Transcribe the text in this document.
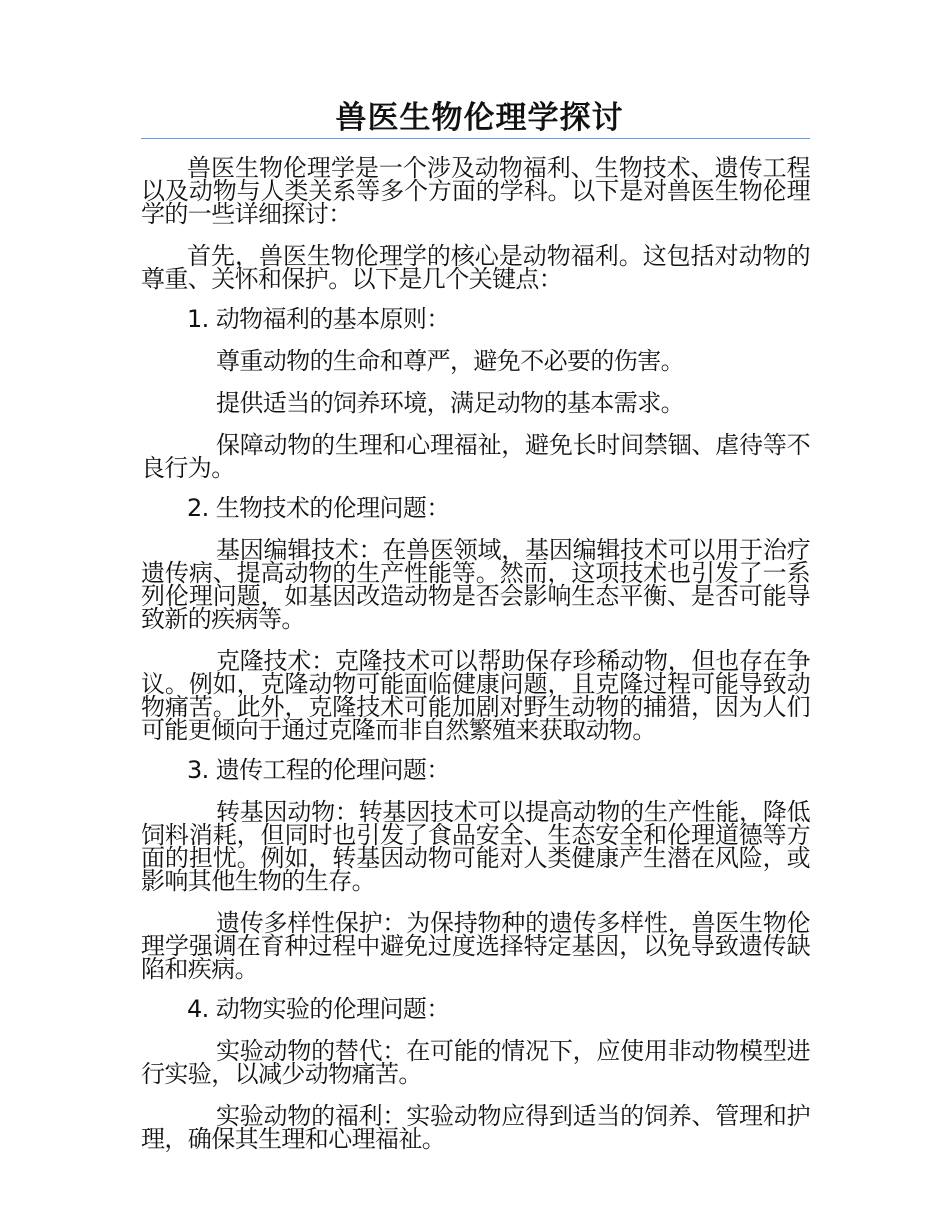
兽医生物伦理学探讨

兽医生物伦理学是一个涉及动物福利、生物技术、遗传工程以及动物与人类关系等多个方面的学科。以下是对兽医生物伦理学的一些详细探讨：

首先，兽医生物伦理学的核心是动物福利。这包括对动物的尊重、关怀和保护。以下是几个关键点：

1. 动物福利的基本原则：

尊重动物的生命和尊严，避免不必要的伤害。

提供适当的饲养环境，满足动物的基本需求。

保障动物的生理和心理福祉，避免长时间禁锢、虐待等不良行为。

2. 生物技术的伦理问题：

基因编辑技术：在兽医领域，基因编辑技术可以用于治疗遗传病、提高动物的生产性能等。然而，这项技术也引发了一系列伦理问题，如基因改造动物是否会影响生态平衡、是否可能导致新的疾病等。

克隆技术：克隆技术可以帮助保存珍稀动物，但也存在争议。例如，克隆动物可能面临健康问题，且克隆过程可能导致动物痛苦。此外，克隆技术可能加剧对野生动物的捕猎，因为人们可能更倾向于通过克隆而非自然繁殖来获取动物。

3. 遗传工程的伦理问题：

转基因动物：转基因技术可以提高动物的生产性能，降低饲料消耗，但同时也引发了食品安全、生态安全和伦理道德等方面的担忧。例如，转基因动物可能对人类健康产生潜在风险，或影响其他生物的生存。

遗传多样性保护：为保持物种的遗传多样性，兽医生物伦理学强调在育种过程中避免过度选择特定基因，以免导致遗传缺陷和疾病。

4. 动物实验的伦理问题：

实验动物的替代：在可能的情况下，应使用非动物模型进行实验，以减少动物痛苦。

实验动物的福利：实验动物应得到适当的饲养、管理和护理，确保其生理和心理福祉。
